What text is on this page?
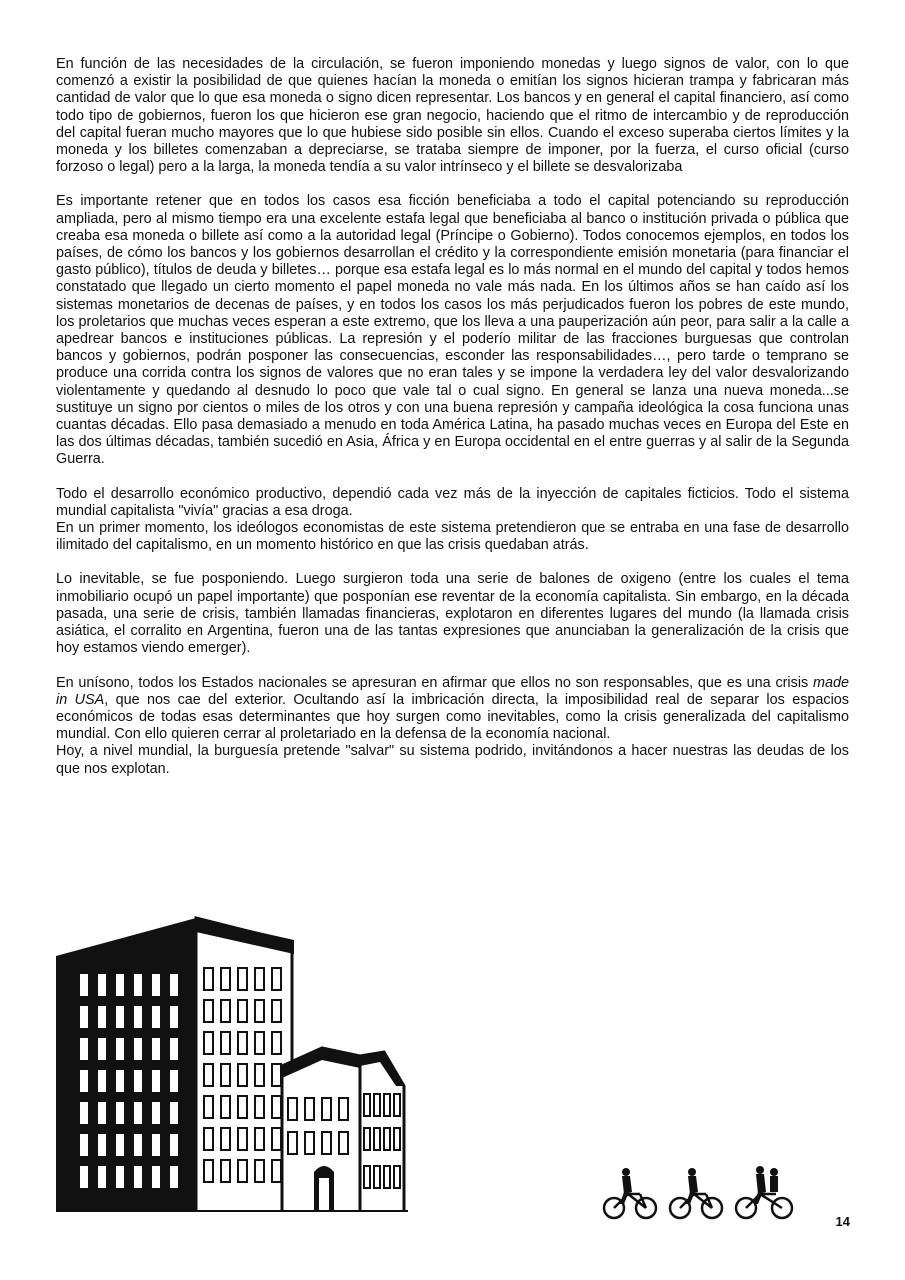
En función de las necesidades de la circulación, se fueron imponiendo monedas y luego signos de valor, con lo que comenzó a existir la posibilidad de que quienes hacían la moneda o emitían los signos hicieran trampa y fabricaran más cantidad de valor que lo que esa moneda o signo dicen representar. Los bancos y en general el capital financiero, así como todo tipo de gobiernos, fueron los que hicieron ese gran negocio, haciendo que el ritmo de intercambio y de reproducción del capital fueran mucho mayores que lo que hubiese sido posible sin ellos. Cuando el exceso superaba ciertos límites y la moneda y los billetes comenzaban a depreciarse, se trataba siempre de imponer, por la fuerza, el curso oficial (curso forzoso o legal) pero a la larga, la moneda tendía a su valor intrínseco y el billete se desvalorizaba

Es importante retener que en todos los casos esa ficción beneficiaba a todo el capital potenciando su reproducción ampliada, pero al mismo tiempo era una excelente estafa legal que beneficiaba al banco o institución privada o pública que creaba esa moneda o billete así como a la autoridad legal (Príncipe o Gobierno). Todos conocemos ejemplos, en todos los países, de cómo los bancos y los gobiernos desarrollan el crédito y la correspondiente emisión monetaria (para financiar el gasto público), títulos de deuda y billetes… porque esa estafa legal es lo más normal en el mundo del capital y todos hemos constatado que llegado un cierto momento el papel moneda no vale más nada. En los últimos años se han caído así los sistemas monetarios de decenas de países, y en todos los casos los más perjudicados fueron los pobres de este mundo, los proletarios que muchas veces esperan a este extremo, que los lleva a una pauperización aún peor, para salir a la calle a apedrear bancos e instituciones públicas. La represión y el poderío militar de las fracciones burguesas que controlan bancos y gobiernos, podrán posponer las consecuencias, esconder las responsabilidades…, pero tarde o temprano se produce una corrida contra los signos de valores que no eran tales y se impone la verdadera ley del valor desvalorizando violentamente y quedando al desnudo lo poco que vale tal o cual signo. En general se lanza una nueva moneda...se sustituye un signo por cientos o miles de los otros y con una buena represión y campaña ideológica la cosa funciona unas cuantas décadas. Ello pasa demasiado a menudo en toda América Latina, ha pasado muchas veces en Europa del Este en las dos últimas décadas, también sucedió en Asia, África y en Europa occidental en el entre guerras y al salir de la Segunda Guerra.

Todo el desarrollo económico productivo, dependió cada vez más de la inyección de capitales ficticios. Todo el sistema mundial capitalista "vivía" gracias a esa droga.

En un primer momento, los ideólogos economistas de este sistema pretendieron que se entraba en una fase de desarrollo ilimitado del capitalismo, en un momento histórico en que las crisis quedaban atrás.

Lo inevitable, se fue posponiendo. Luego surgieron toda una serie de balones de oxigeno (entre los cuales el tema inmobiliario ocupó un papel importante) que posponían ese reventar de la economía capitalista. Sin embargo, en la década pasada, una serie de crisis, también llamadas financieras, explotaron en diferentes lugares del mundo (la llamada crisis asiática, el corralito en Argentina, fueron una de las tantas expresiones que anunciaban la generalización de la crisis que hoy estamos viendo emerger).

En unísono, todos los Estados nacionales se apresuran en afirmar que ellos no son responsables, que es una crisis made in USA, que nos cae del exterior. Ocultando así la imbricación directa, la imposibilidad real de separar los espacios económicos de todas esas determinantes que hoy surgen como inevitables, como la crisis generalizada del capitalismo mundial. Con ello quieren cerrar al proletariado en la defensa de la economía nacional.

Hoy, a nivel mundial, la burguesía pretende "salvar" su sistema podrido, invitándonos a hacer nuestras las deudas de los que nos explotan.

14
